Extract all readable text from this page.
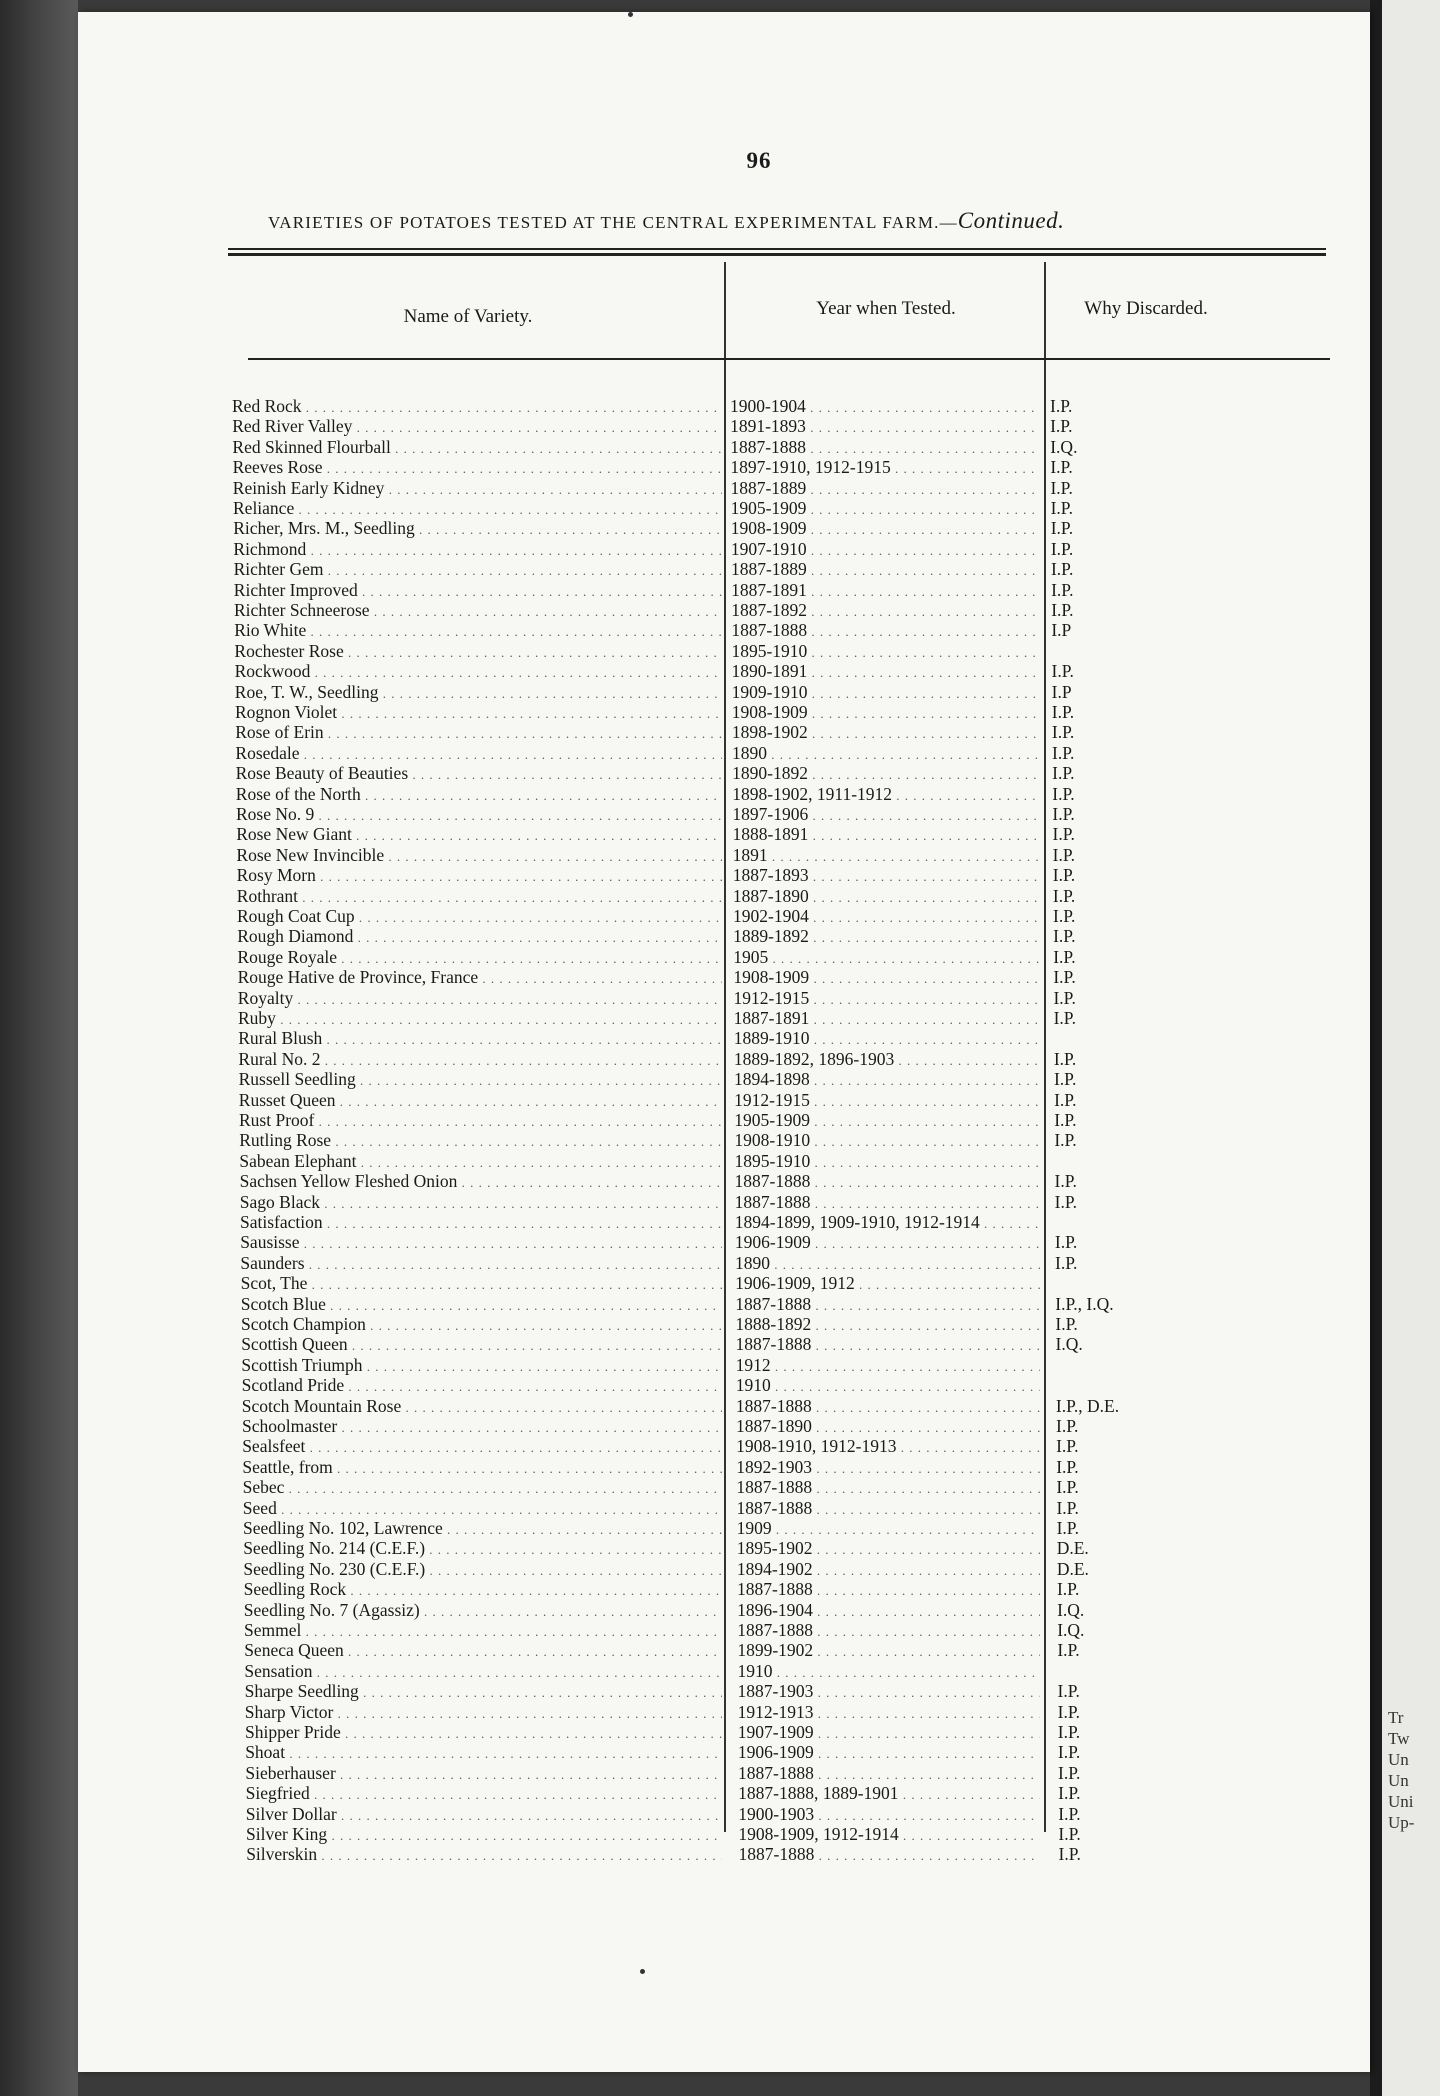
Tr
Tw
Un
Un
Uni
Up-
96
VARIETIES OF POTATOES TESTED AT THE CENTRAL EXPERIMENTAL FARM.—Continued.
Name of Variety.	Year when Tested.	Why Discarded.
Red Rock . . .	1900-1904 . . .	I.P.
Red River Valley . . .	1891-1893 . . .	I.P.
Red Skinned Flourball . . .	1887-1888 . . .	I.Q.
Reeves Rose . . .	1897-1910, 1912-1915 . . .	I.P.
Reinish Early Kidney . . .	1887-1889 . . .	I.P.
Reliance . . .	1905-1909 . . .	I.P.
Richer, Mrs. M., Seedling . . .	1908-1909 . . .	I.P.
Richmond . . .	1907-1910 . . .	I.P.
Richter Gem . . .	1887-1889 . . .	I.P.
Richter Improved . . .	1887-1891 . . .	I.P.
Richter Schneerose . . .	1887-1892 . . .	I.P.
Rio White . . .	1887-1888 . . .	I.P
Rochester Rose . . .	1895-1910 . . .
Rockwood . . .	1890-1891 . . .	I.P.
Roe, T. W., Seedling . . .	1909-1910 . . .	I.P
Rognon Violet . . .	1908-1909 . . .	I.P.
Rose of Erin . . .	1898-1902 . . .	I.P.
Rosedale . . .	1890 . . .	I.P.
Rose Beauty of Beauties . . .	1890-1892 . . .	I.P.
Rose of the North . . .	1898-1902, 1911-1912 . . .	I.P.
Rose No. 9 . . .	1897-1906 . . .	I.P.
Rose New Giant . . .	1888-1891 . . .	I.P.
Rose New Invincible . . .	1891 . . .	I.P.
Rosy Morn . . .	1887-1893 . . .	I.P.
Rothrant . . .	1887-1890 . . .	I.P.
Rough Coat Cup . . .	1902-1904 . . .	I.P.
Rough Diamond . . .	1889-1892 . . .	I.P.
Rouge Royale . . .	1905 . . .	I.P.
Rouge Hative de Province, France . . .	1908-1909 . . .	I.P.
Royalty . . .	1912-1915 . . .	I.P.
Ruby . . .	1887-1891 . . .	I.P.
Rural Blush . . .	1889-1910 . . .
Rural No. 2 . . .	1889-1892, 1896-1903 . . .	I.P.
Russell Seedling . . .	1894-1898 . . .	I.P.
Russet Queen . . .	1912-1915 . . .	I.P.
Rust Proof . . .	1905-1909 . . .	I.P.
Rutling Rose . . .	1908-1910 . . .	I.P.
Sabean Elephant . . .	1895-1910 . . .
Sachsen Yellow Fleshed Onion . . .	1887-1888 . . .	I.P.
Sago Black . . .	1887-1888 . . .	I.P.
Satisfaction . . .	1894-1899, 1909-1910, 1912-1914 . . .
Sausisse . . .	1906-1909 . . .	I.P.
Saunders . . .	1890 . . .	I.P.
Scot, The . . .	1906-1909, 1912 . . .
Scotch Blue . . .	1887-1888 . . .	I.P., I.Q.
Scotch Champion . . .	1888-1892 . . .	I.P.
Scottish Queen . . .	1887-1888 . . .	I.Q.
Scottish Triumph . . .	1912 . . .
Scotland Pride . . .	1910 . . .
Scotch Mountain Rose . . .	1887-1888 . . .	I.P., D.E.
Schoolmaster . . .	1887-1890 . . .	I.P.
Sealsfeet . . .	1908-1910, 1912-1913 . . .	I.P.
Seattle, from . . .	1892-1903 . . .	I.P.
Sebec . . .	1887-1888 . . .	I.P.
Seed . . .	1887-1888 . . .	I.P.
Seedling No. 102, Lawrence . . .	1909 . . .	I.P.
Seedling No. 214 (C.E.F.) . . .	1895-1902 . . .	D.E.
Seedling No. 230 (C.E.F.) . . .	1894-1902 . . .	D.E.
Seedling Rock . . .	1887-1888 . . .	I.P.
Seedling No. 7 (Agassiz) . . .	1896-1904 . . .	I.Q.
Semmel . . .	1887-1888 . . .	I.Q.
Seneca Queen . . .	1899-1902 . . .	I.P.
Sensation . . .	1910 . . .
Sharpe Seedling . . .	1887-1903 . . .	I.P.
Sharp Victor . . .	1912-1913 . . .	I.P.
Shipper Pride . . .	1907-1909 . . .	I.P.
Shoat . . .	1906-1909 . . .	I.P.
Sieberhauser . . .	1887-1888 . . .	I.P.
Siegfried . . .	1887-1888, 1889-1901 . . .	I.P.
Silver Dollar . . .	1900-1903 . . .	I.P.
Silver King . . .	1908-1909, 1912-1914 . . .	I.P.
Silverskin . . .	1887-1888 . . .	I.P.
